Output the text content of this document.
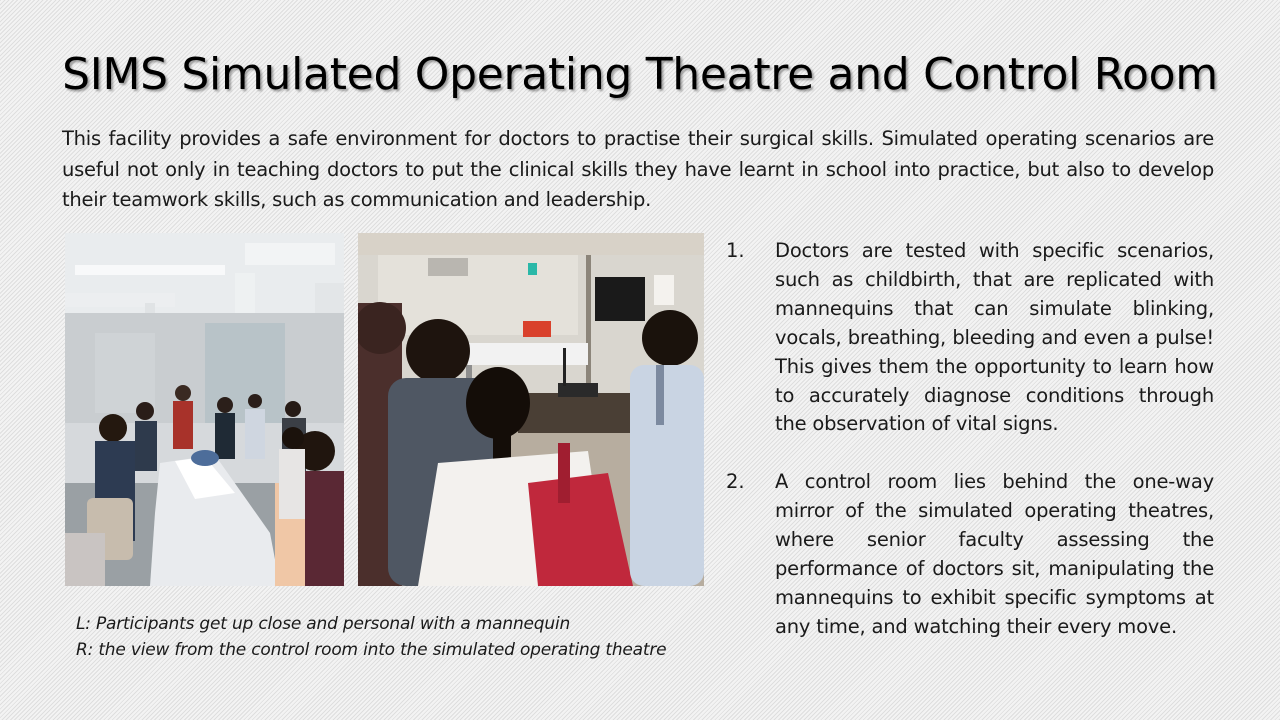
SIMS Simulated Operating Theatre and Control Room

This facility provides a safe environment for doctors to practise their surgical skills. Simulated operating scenarios are useful not only in teaching doctors to put the clinical skills they have learnt in school into practice, but also to develop their teamwork skills, such as communication and leadership.

L: Participants get up close and personal with a mannequin
R: the view from the control room into the simulated operating theatre
1.	Doctors are tested with specific scenarios, such as childbirth, that are replicated with mannequins that can simulate blinking, vocals, breathing, bleeding and even a pulse! This gives them the opportunity to learn how to accurately diagnose conditions through the observation of vital signs.
2.	A control room lies behind the one-way mirror of the simulated operating theatres, where senior faculty assessing the performance of doctors sit, manipulating the mannequins to exhibit specific symptoms at any time, and watching their every move.
